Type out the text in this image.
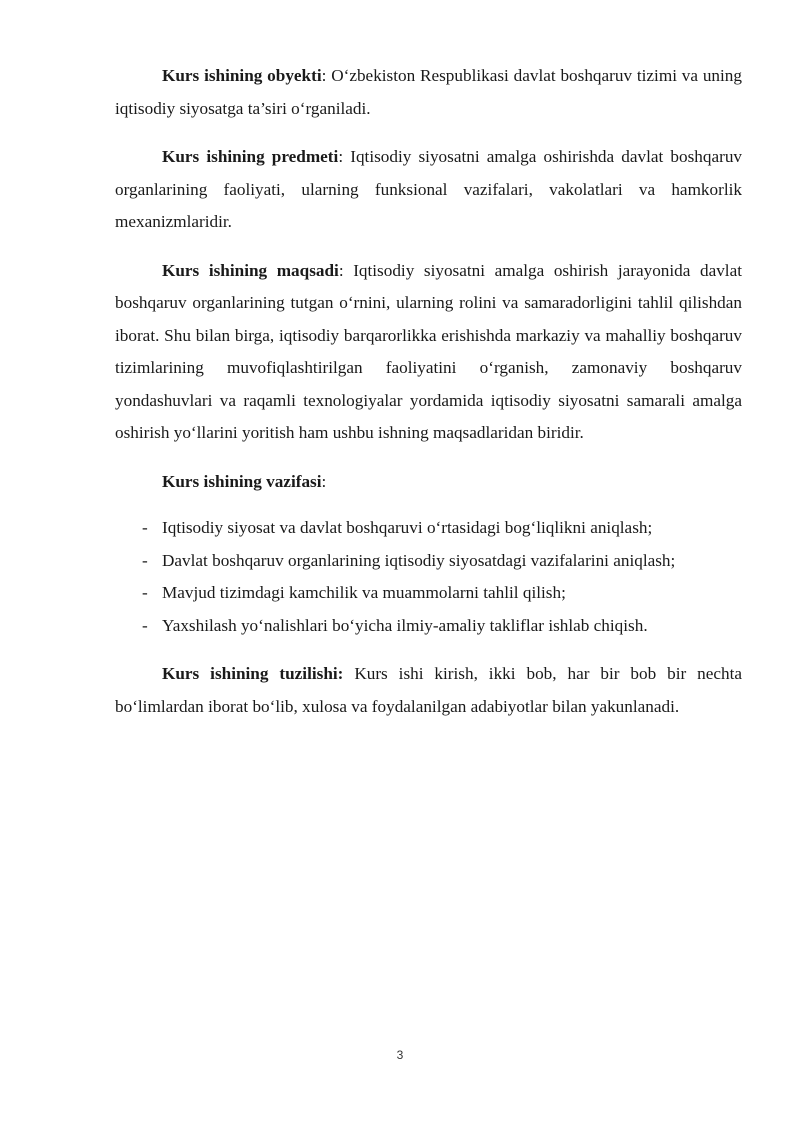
Kurs ishining obyekti: O‘zbekiston Respublikasi davlat boshqaruv tizimi va uning iqtisodiy siyosatga ta’siri o‘rganiladi.

Kurs ishining predmeti: Iqtisodiy siyosatni amalga oshirishda davlat boshqaruv organlarining faoliyati, ularning funksional vazifalari, vakolatlari va hamkorlik mexanizmlaridir.

Kurs ishining maqsadi: Iqtisodiy siyosatni amalga oshirish jarayonida davlat boshqaruv organlarining tutgan o‘rnini, ularning rolini va samaradorligini tahlil qilishdan iborat. Shu bilan birga, iqtisodiy barqarorlikka erishishda markaziy va mahalliy boshqaruv tizimlarining muvofiqlashtirilgan faoliyatini o‘rganish, zamonaviy boshqaruv yondashuvlari va raqamli texnologiyalar yordamida iqtisodiy siyosatni samarali amalga oshirish yo‘llarini yoritish ham ushbu ishning maqsadlaridan biridir.

Kurs ishining vazifasi:

- Iqtisodiy siyosat va davlat boshqaruvi o‘rtasidagi bog‘liqlikni aniqlash;
- Davlat boshqaruv organlarining iqtisodiy siyosatdagi vazifalarini aniqlash;
- Mavjud tizimdagi kamchilik va muammolarni tahlil qilish;
- Yaxshilash yo‘nalishlari bo‘yicha ilmiy-amaliy takliflar ishlab chiqish.

Kurs ishining tuzilishi: Kurs ishi kirish, ikki bob, har bir bob bir nechta bo‘limlardan iborat bo‘lib, xulosa va foydalanilgan adabiyotlar bilan yakunlanadi.

3
